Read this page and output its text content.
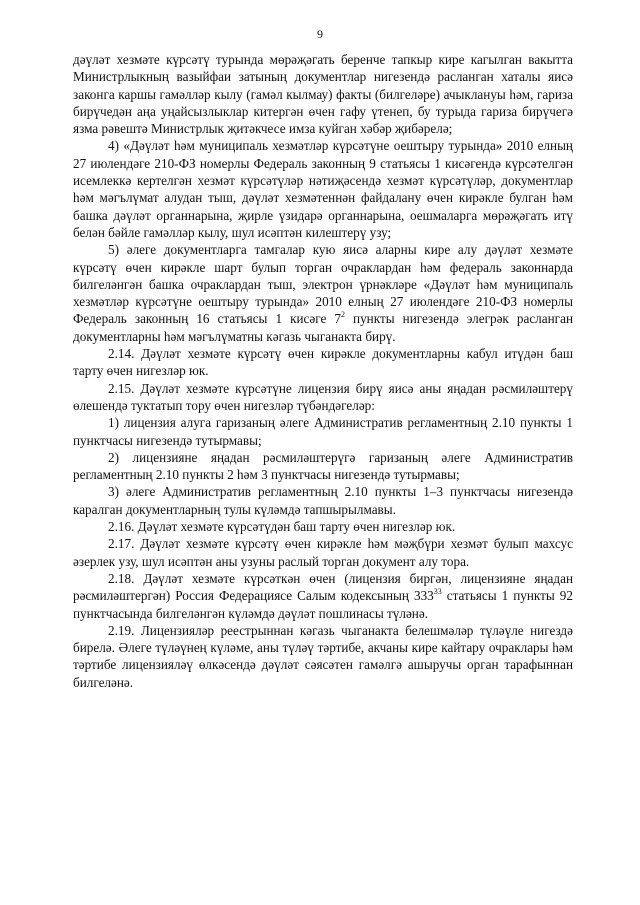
9

дәүләт хезмәте күрсәтү турында мөрәҗәгать беренче тапкыр кире кагылган вакытта Министрлыкның вазыйфаи затының документлар нигезендә расланган хаталы яисә законга каршы гамәлләр кылу (гамәл кылмау) факты (билгеләре) ачыклануы һәм, гариза бирүчедән аңа уңайсызлыклар китергән өчен гафу үтенеп, бу турыда гариза бирүчегә язма рәвештә Министрлык җитәкчесе имза куйган хәбәр җибәрелә;

4) «Дәүләт һәм муниципаль хезмәтләр күрсәтүне оештыру турында» 2010 елның 27 июлендәге 210-ФЗ номерлы Федераль законның 9 статьясы 1 кисәгендә күрсәтелгән исемлеккә кертелгән хезмәт күрсәтүләр нәтиҗәсендә хезмәт күрсәтүләр, документлар һәм мәгълүмат алудан тыш, дәүләт хезмәтеннән файдалану өчен кирәкле булган һәм башка дәүләт органнарына, җирле үзидарә органнарына, оешмаларга мөрәҗәгать итү белән бәйле гамәлләр кылу, шул исәптән килештерү узу;

5) әлеге документларга тамгалар кую яисә аларны кире алу дәүләт хезмәте күрсәтү өчен кирәкле шарт булып торган очраклардан һәм федераль законнарда билгеләнгән башка очраклардан тыш, электрон үрнәкләре «Дәүләт һәм муниципаль хезмәтләр күрсәтүне оештыру турында» 2010 елның 27 июлендәге 210-ФЗ номерлы Федераль законның 16 статьясы 1 кисәге $7^2$ пункты нигезендә элегрәк расланган документларны һәм мәгълүматны кәгазь чыганакта бирү.

2.14. Дәүләт хезмәте күрсәтү өчен кирәкле документларны кабул итүдән баш тарту өчен нигезләр юк.

2.15. Дәүләт хезмәте күрсәтүне лицензия бирү яисә аны яңадан рәсмиләштерү өлешендә туктатып тору өчен нигезләр түбәндәгеләр:

1) лицензия алуга гаризаның әлеге Административ регламентның 2.10 пункты 1 пунктчасы нигезендә тутырмавы;

2) лицензияне яңадан рәсмиләштерүгә гаризаның әлеге Административ регламентның 2.10 пункты 2 һәм 3 пунктчасы нигезендә тутырмавы;

3) әлеге Административ регламентның 2.10 пункты 1–3 пунктчасы нигезендә каралган документларның тулы күләмдә тапшырылмавы.

2.16. Дәүләт хезмәте күрсәтүдән баш тарту өчен нигезләр юк.

2.17. Дәүләт хезмәте күрсәтү өчен кирәкле һәм мәҗбүри хезмәт булып махсус әзерлек узу, шул исәптән аны узуны раслый торган документ алу тора.

2.18. Дәүләт хезмәте күрсәткән өчен (лицензия биргән, лицензияне яңадан рәсмиләштергән) Россия Федерациясе Салым кодексының $333^{33}$ статьясы 1 пункты 92 пунктчасында билгеләнгән күләмдә дәүләт пошлинасы түләнә.

2.19. Лицензияләр реестрыннан кәгазь чыганакта белешмәләр түләүле нигездә бирелә. Әлеге түләүнең күләме, аны түләү тәртибе, акчаны кире кайтару очраклары һәм тәртибе лицензияләү өлкәсендә дәүләт сәясәтен гамәлгә ашыручы орган тарафыннан билгеләнә.
